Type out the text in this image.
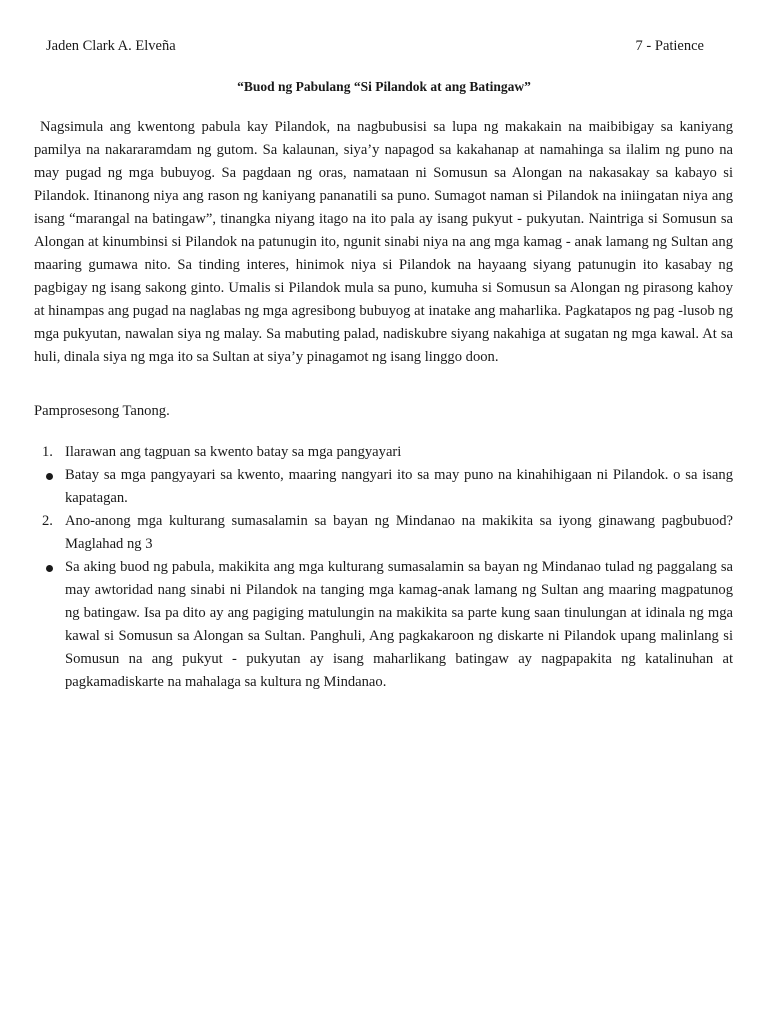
Jaden Clark A. Elveña	7 - Patience
“Buod ng Pabulang “Si Pilandok at ang Batingaw”

Nagsimula ang kwentong pabula kay Pilandok, na nagbubusisi sa lupa ng makakain na maibibigay sa kaniyang pamilya na nakararamdam ng gutom. Sa kalaunan, siya’y napagod sa kakahanap at namahinga sa ilalim ng puno na may pugad ng mga bubuyog. Sa pagdaan ng oras, namataan ni Somusun sa Alongan na nakasakay sa kabayo si Pilandok. Itinanong niya ang rason ng kaniyang pananatili sa puno. Sumagot naman si Pilandok na iniingatan niya ang isang “marangal na batingaw”, tinangka niyang itago na ito pala ay isang pukyut - pukyutan. Naintriga si Somusun sa Alongan at kinumbinsi si Pilandok na patunugin ito, ngunit sinabi niya na ang mga kamag - anak lamang ng Sultan ang maaring gumawa nito. Sa tinding interes, hinimok niya si Pilandok na hayaang siyang patunugin ito kasabay ng pagbigay ng isang sakong ginto. Umalis si Pilandok mula sa puno, kumuha si Somusun sa Alongan ng pirasong kahoy at hinampas ang pugad na naglabas ng mga agresibong bubuyog at inatake ang maharlika. Pagkatapos ng pag -lusob ng mga pukyutan, nawalan siya ng malay. Sa mabuting palad, nadiskubre siyang nakahiga at sugatan ng mga kawal. At sa huli, dinala siya ng mga ito sa Sultan at siya’y pinagamot ng isang linggo doon.

Pamprosesong Tanong.
1. Ilarawan ang tagpuan sa kwento batay sa mga pangyayari
Batay sa mga pangyayari sa kwento, maaring nangyari ito sa may puno na kinahihigaan ni Pilandok. o sa isang kapatagan.
2. Ano-anong mga kulturang sumasalamin sa bayan ng Mindanao na makikita sa iyong ginawang pagbubuod? Maglahad ng 3
Sa aking buod ng pabula, makikita ang mga kulturang sumasalamin sa bayan ng Mindanao tulad ng paggalang sa may awtoridad nang sinabi ni Pilandok na tanging mga kamag-anak lamang ng Sultan ang maaring magpatunog ng batingaw. Isa pa dito ay ang pagiging matulungin na makikita sa parte kung saan tinulungan at idinala ng mga kawal si Somusun sa Alongan sa Sultan. Panghuli, Ang pagkakaroon ng diskarte ni Pilandok upang malinlang si Somusun na ang pukyut - pukyutan ay isang maharlikang batingaw ay nagpapakita ng katalinuhan at pagkamadiskarte na mahalaga sa kultura ng Mindanao.
